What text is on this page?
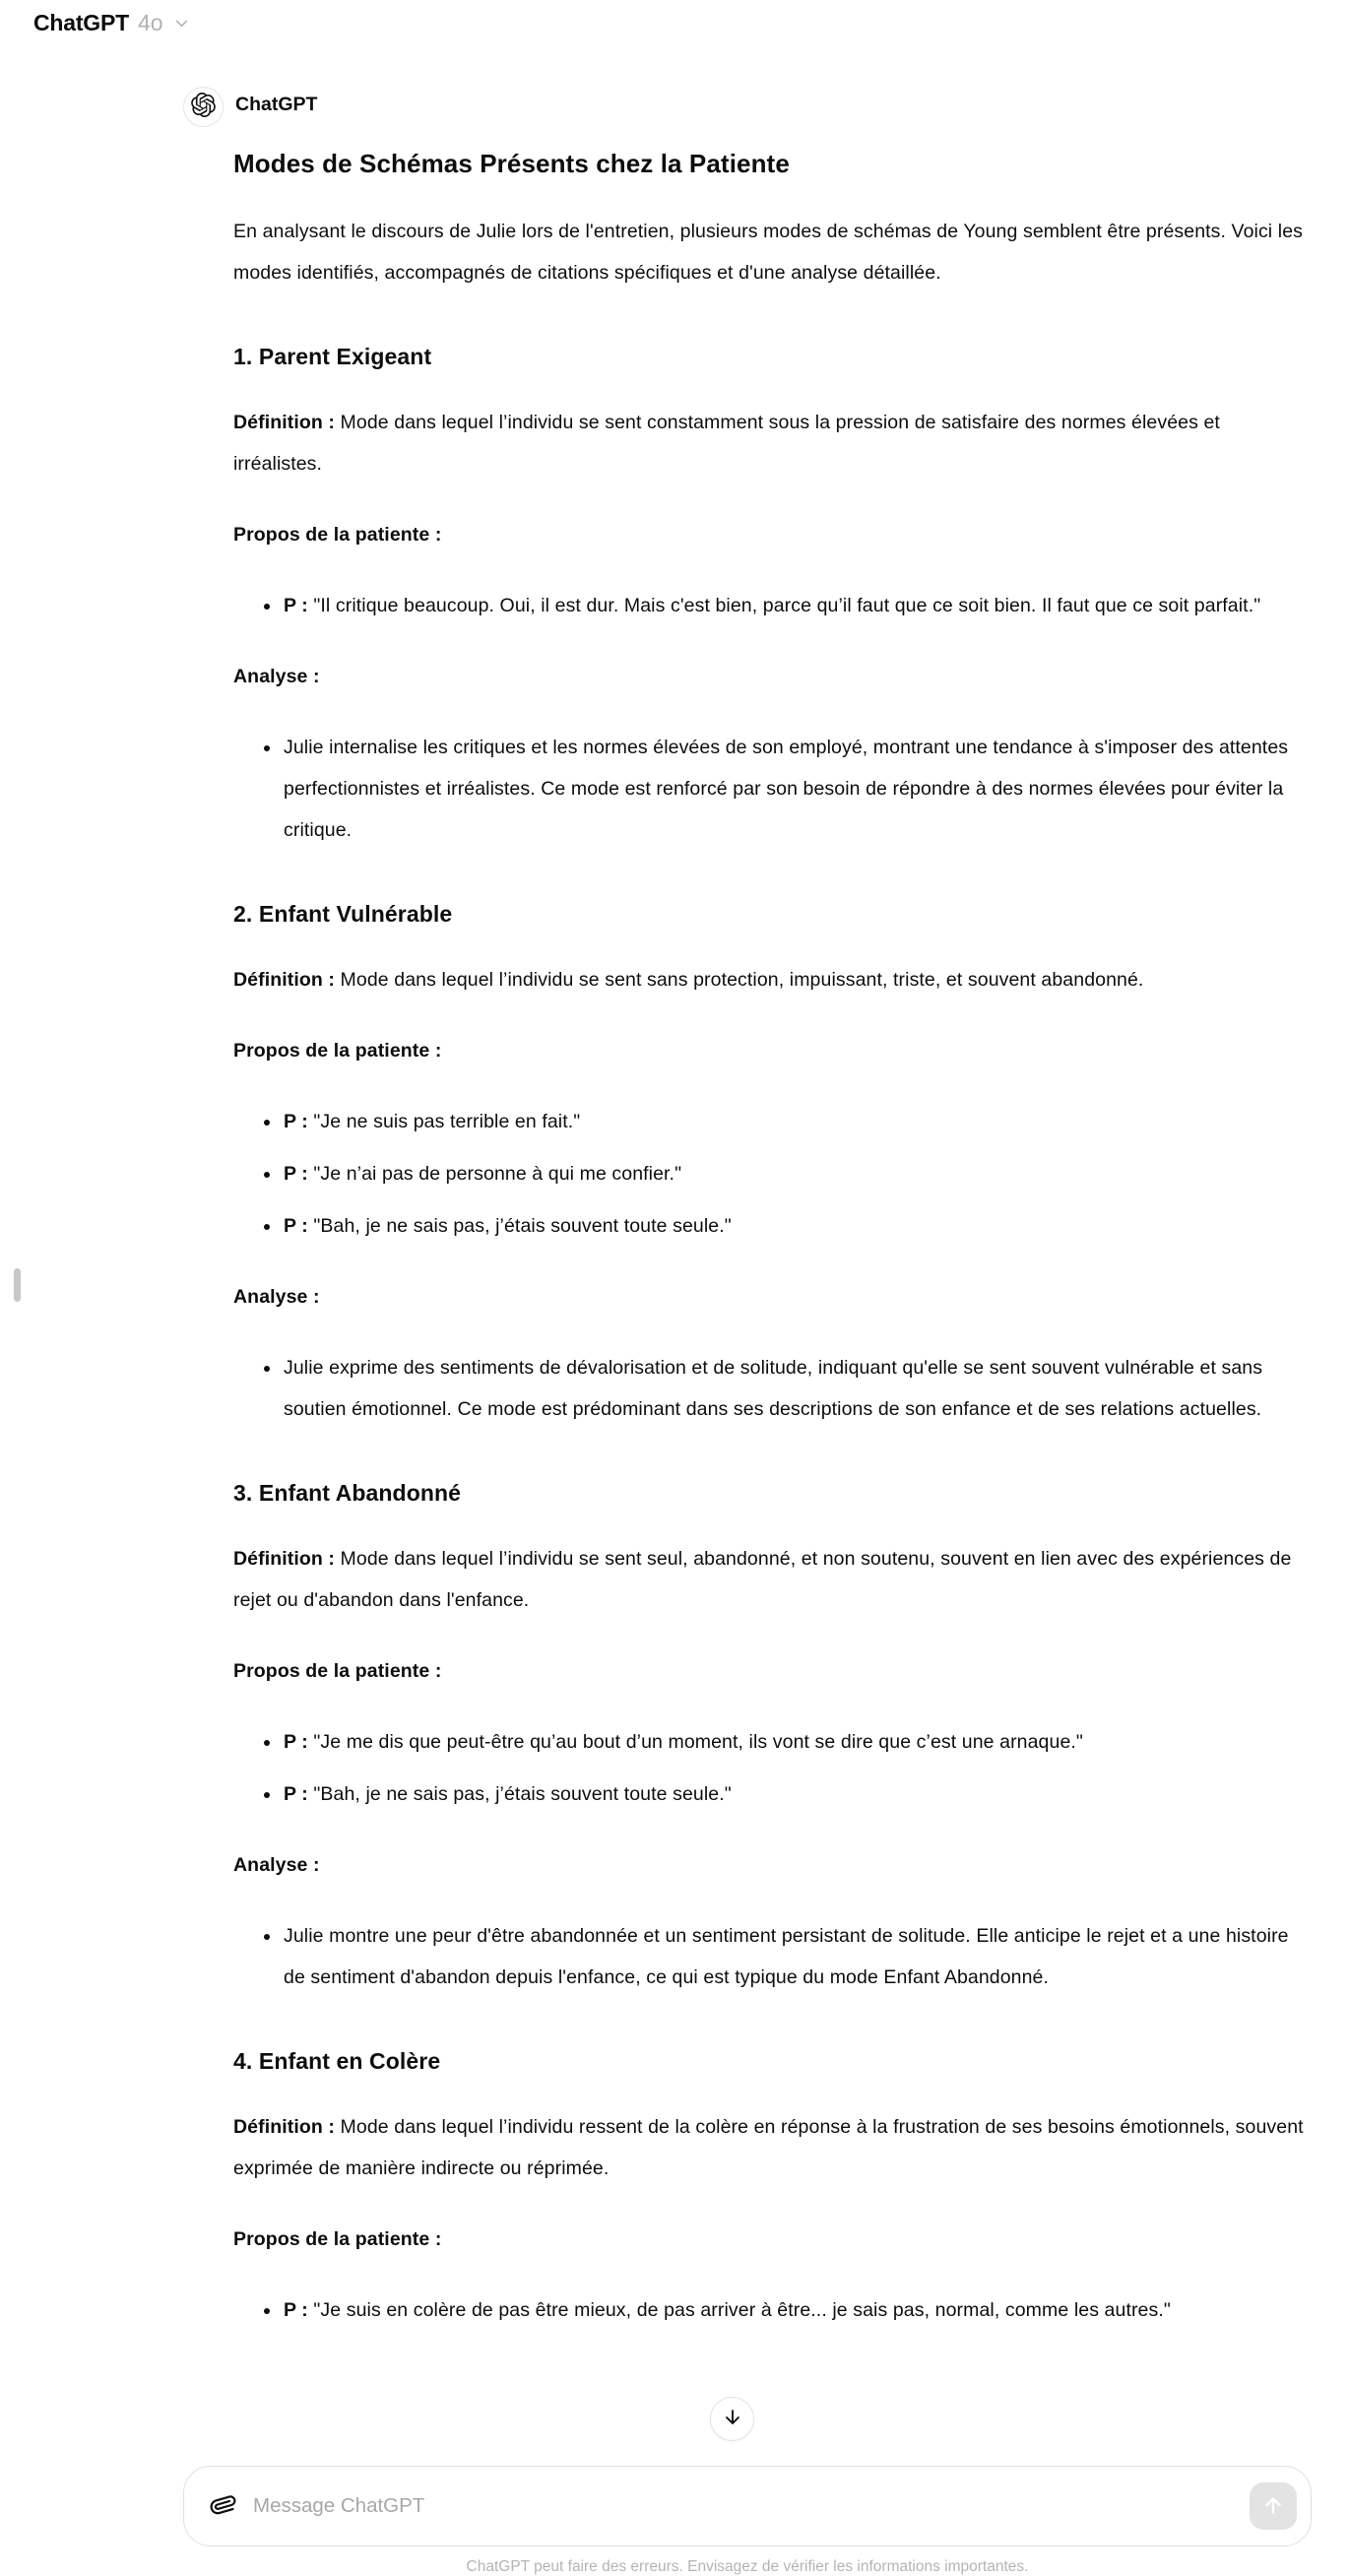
ChatGPT 4o
ChatGPT
Modes de Schémas Présents chez la Patiente

En analysant le discours de Julie lors de l'entretien, plusieurs modes de schémas de Young semblent être présents. Voici les modes identifiés, accompagnés de citations spécifiques et d'une analyse détaillée.

1. Parent Exigeant

Définition : Mode dans lequel l’individu se sent constamment sous la pression de satisfaire des normes élevées et irréalistes.

Propos de la patiente :

• P : "Il critique beaucoup. Oui, il est dur. Mais c'est bien, parce qu’il faut que ce soit bien. Il faut que ce soit parfait."

Analyse :

• Julie internalise les critiques et les normes élevées de son employé, montrant une tendance à s'imposer des attentes perfectionnistes et irréalistes. Ce mode est renforcé par son besoin de répondre à des normes élevées pour éviter la critique.
2. Enfant Vulnérable

Définition : Mode dans lequel l’individu se sent sans protection, impuissant, triste, et souvent abandonné.

Propos de la patiente :

• P : "Je ne suis pas terrible en fait."
• P : "Je n’ai pas de personne à qui me confier."
• P : "Bah, je ne sais pas, j’étais souvent toute seule."

Analyse :

• Julie exprime des sentiments de dévalorisation et de solitude, indiquant qu'elle se sent souvent vulnérable et sans soutien émotionnel. Ce mode est prédominant dans ses descriptions de son enfance et de ses relations actuelles.
3. Enfant Abandonné

Définition : Mode dans lequel l’individu se sent seul, abandonné, et non soutenu, souvent en lien avec des expériences de rejet ou d'abandon dans l'enfance.

Propos de la patiente :

• P : "Je me dis que peut-être qu’au bout d’un moment, ils vont se dire que c’est une arnaque."
• P : "Bah, je ne sais pas, j’étais souvent toute seule."

Analyse :

• Julie montre une peur d'être abandonnée et un sentiment persistant de solitude. Elle anticipe le rejet et a une histoire de sentiment d'abandon depuis l'enfance, ce qui est typique du mode Enfant Abandonné.
4. Enfant en Colère

Définition : Mode dans lequel l’individu ressent de la colère en réponse à la frustration de ses besoins émotionnels, souvent exprimée de manière indirecte ou réprimée.

Propos de la patiente :

• P : "Je suis en colère de pas être mieux, de pas arriver à être... je sais pas, normal, comme les autres."
Message ChatGPT
ChatGPT peut faire des erreurs. Envisagez de vérifier les informations importantes.
